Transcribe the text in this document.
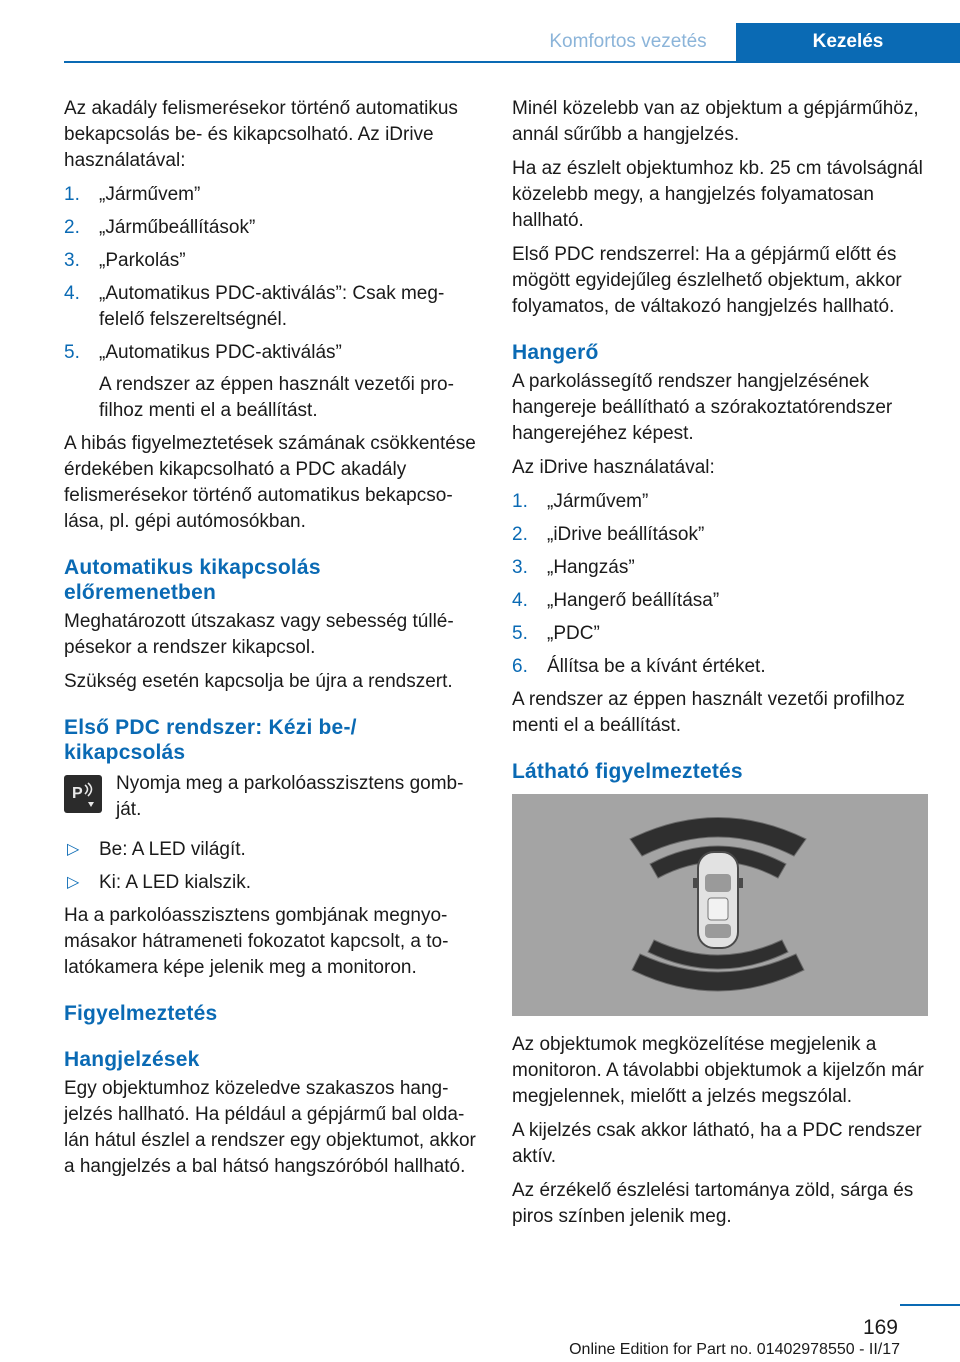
Komfortos vezetés	Kezelés

Az akadály felismerésekor történő automatikus bekapcsolás be- és kikapcsolható. Az iDrive használatával:

1. „Járművem”
2. „Járműbeállítások”
3. „Parkolás”
4. „Automatikus PDC-aktiválás”: Csak megfelelő felszereltségnél.
5. „Automatikus PDC-aktiválás”
A rendszer az éppen használt vezetői profilhoz menti el a beállítást.

A hibás figyelmeztetések számának csökkentése érdekében kikapcsolható a PDC akadály felismerésekor történő automatikus bekapcsolása, pl. gépi autómosókban.

Automatikus kikapcsolás előremenetben

Meghatározott útszakasz vagy sebesség túllépésekor a rendszer kikapcsol.

Szükség esetén kapcsolja be újra a rendszert.

Első PDC rendszer: Kézi be-/ kikapcsolás
P Nyomja meg a parkolóasszisztens gombját.
▷ Be: A LED világít.
▷ Ki: A LED kialszik.

Ha a parkolóasszisztens gombjának megnyomásakor hátrameneti fokozatot kapcsolt, a tolatókamera képe jelenik meg a monitoron.

Figyelmeztetés
Hangjelzések

Egy objektumhoz közeledve szakaszos hangjelzés hallható. Ha például a gépjármű bal oldalán hátul észlel a rendszer egy objektumot, akkor a hangjelzés a bal hátsó hangszóróból hallható.

Minél közelebb van az objektum a gépjárműhöz, annál sűrűbb a hangjelzés.

Ha az észlelt objektumhoz kb. 25 cm távolságnál közelebb megy, a hangjelzés folyamatosan hallható.

Első PDC rendszerrel: Ha a gépjármű előtt és mögött egyidejűleg észlelhető objektum, akkor folyamatos, de váltakozó hangjelzés hallható.

Hangerő

A parkolássegítő rendszer hangjelzésének hangereje beállítható a szórakoztatórendszer hangerejéhez képest.

Az iDrive használatával:

1. „Járművem”
2. „iDrive beállítások”
3. „Hangzás”
4. „Hangerő beállítása”
5. „PDC”
6. Állítsa be a kívánt értéket.

A rendszer az éppen használt vezetői profilhoz menti el a beállítást.

Látható figyelmeztetés

Az objektumok megközelítése megjelenik a monitoron. A távolabbi objektumok a kijelzőn már megjelennek, mielőtt a jelzés megszólal.

A kijelzés csak akkor látható, ha a PDC rendszer aktív.

Az érzékelő észlelési tartománya zöld, sárga és piros színben jelenik meg.

169
Online Edition for Part no. 01402978550 - II/17
